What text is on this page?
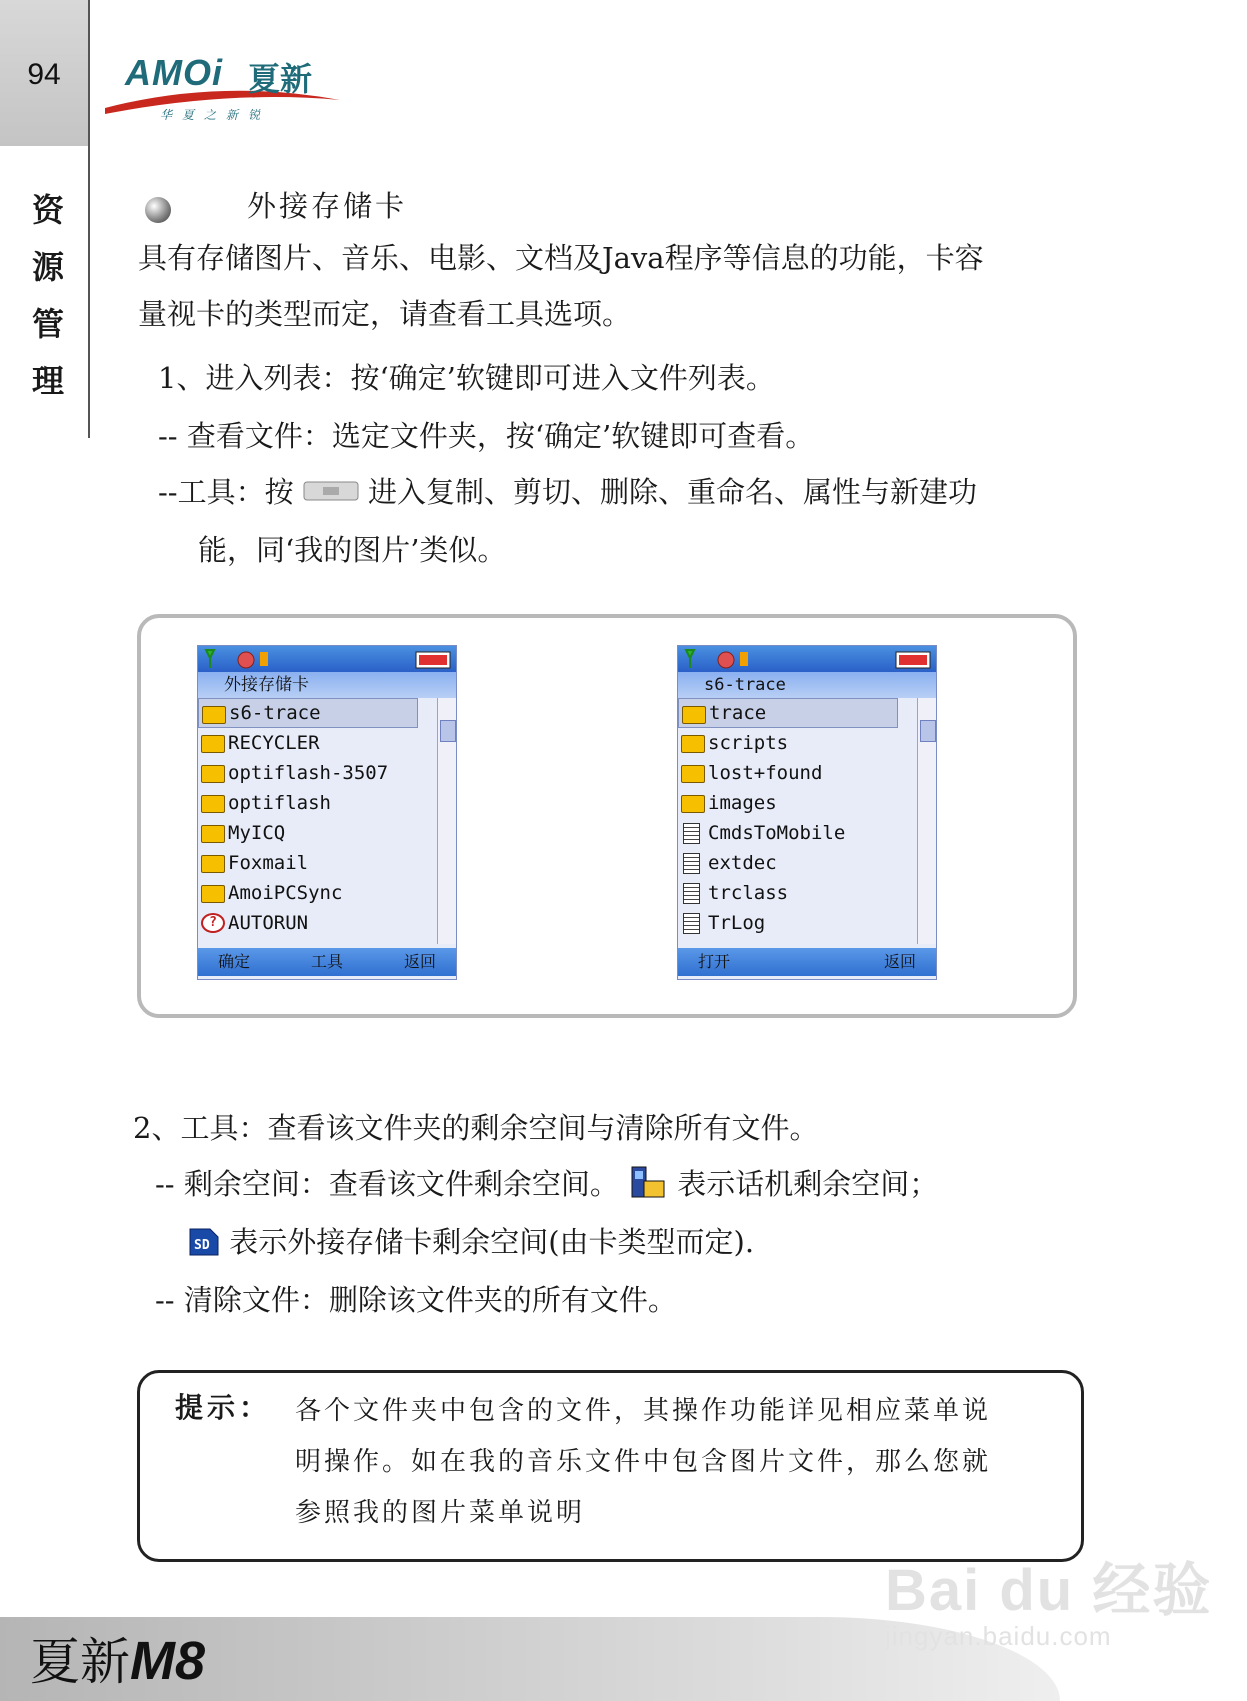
94	AMOi 夏新
华夏之新锐
资
源
管
理
外接存储卡
具有存储图片、音乐、电影、文档及Java程序等信息的功能，卡容
量视卡的类型而定，请查看工具选项。
1、进入列表：按‘确定’软键即可进入文件列表。
-- 查看文件：选定文件夹，按‘确定’软键即可查看。
--工具：按	进入复制、剪切、删除、重命名、属性与新建功
能，同‘我的图片’类似。
外接存储卡
s6-trace
RECYCLER
optiflash-3507
optiflash
MyICQ
Foxmail
AmoiPCSync
? AUTORUN
确定	工具	返回
s6-trace
trace
scripts
lost+found
images
CmdsToMobile
extdec
trclass
TrLog
打开	返回
2、工具：查看该文件夹的剩余空间与清除所有文件。
-- 剩余空间：查看该文件剩余空间。 表示话机剩余空间；
SD 表示外接存储卡剩余空间(由卡类型而定).
-- 清除文件：删除该文件夹的所有文件。
提示： 各个文件夹中包含的文件，其操作功能详见相应菜单说
明操作。如在我的音乐文件中包含图片文件，那么您就
参照我的图片菜单说明
夏新M8
Bai du 经验
jingyan.baidu.com
